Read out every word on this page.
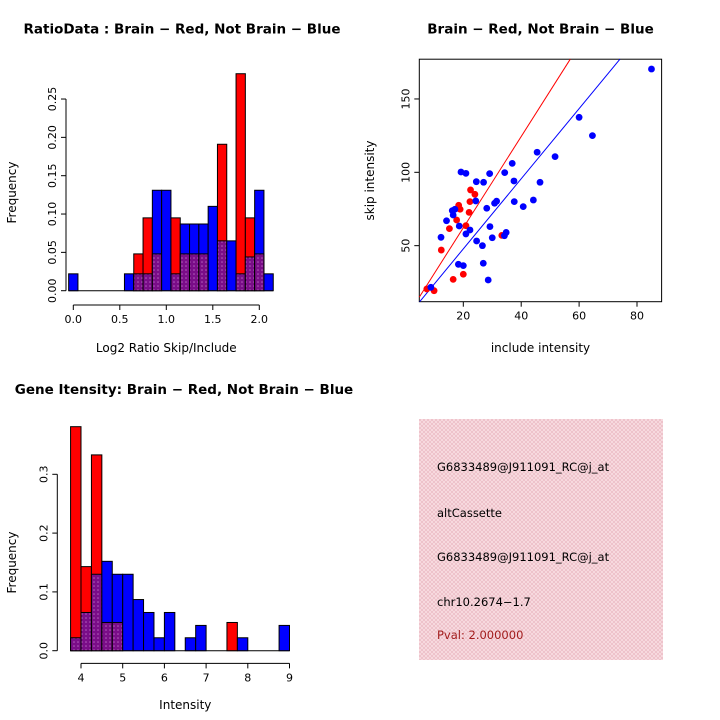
0.0	0.5	1.0	1.5	2.0
0.00
0.05
0.10
0.15
0.20
0.25
RatioData : Brain − Red, Not Brain − Blue
Log2 Ratio Skip/Include
Frequency
20	40	60	80
50
100
150
Brain − Red, Not Brain − Blue
include intensity
skip intensity
4	5	6	7	8	9
0.0
0.1
0.2
0.3
Gene Itensity: Brain − Red, Not Brain − Blue
Intensity
Frequency
G6833489@J911091_RC@j_at
altCassette
G6833489@J911091_RC@j_at
chr10.2674−1.7
Pval: 2.000000
